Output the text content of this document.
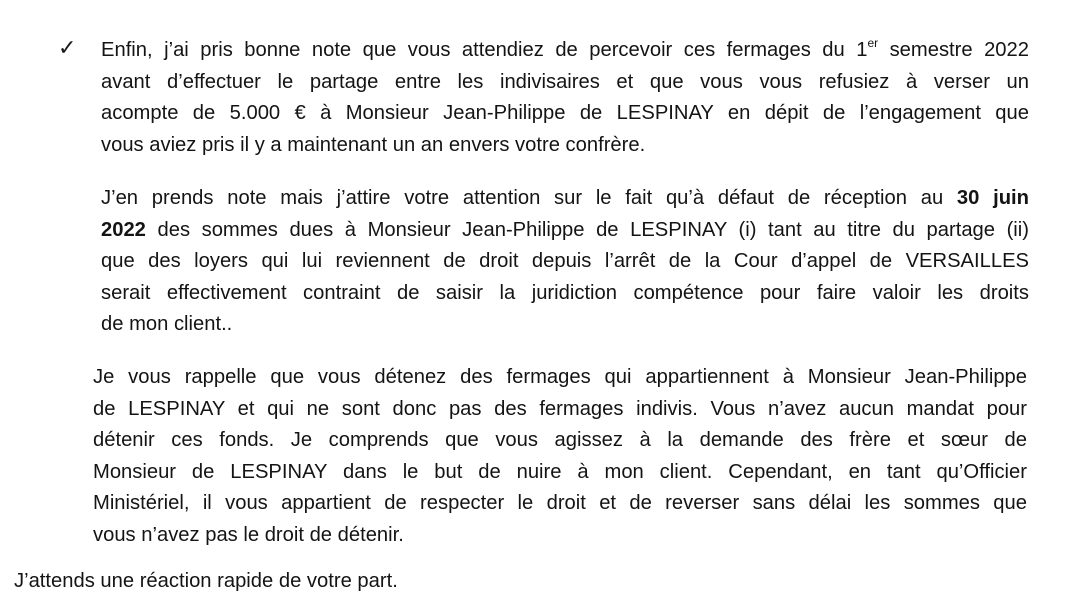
✓ Enfin, j’ai pris bonne note que vous attendiez de percevoir ces fermages du 1er semestre 2022
avant d’effectuer le partage entre les indivisaires et que vous vous refusiez à verser un
acompte de 5.000 € à Monsieur Jean-Philippe de LESPINAY en dépit de l’engagement que
vous aviez pris il y a maintenant un an envers votre confrère.
J’en prends note mais j’attire votre attention sur le fait qu’à défaut de réception au 30 juin
2022 des sommes dues à Monsieur Jean-Philippe de LESPINAY (i) tant au titre du partage (ii)
que des loyers qui lui reviennent de droit depuis l’arrêt de la Cour d’appel de VERSAILLES
serait effectivement contraint de saisir la juridiction compétence pour faire valoir les droits
de mon client..
Je vous rappelle que vous détenez des fermages qui appartiennent à Monsieur Jean-Philippe
de LESPINAY et qui ne sont donc pas des fermages indivis. Vous n’avez aucun mandat pour
détenir ces fonds. Je comprends que vous agissez à la demande des frère et sœur de
Monsieur de LESPINAY dans le but de nuire à mon client. Cependant, en tant qu’Officier
Ministériel, il vous appartient de respecter le droit et de reverser sans délai les sommes que
vous n’avez pas le droit de détenir.
J’attends une réaction rapide de votre part.
